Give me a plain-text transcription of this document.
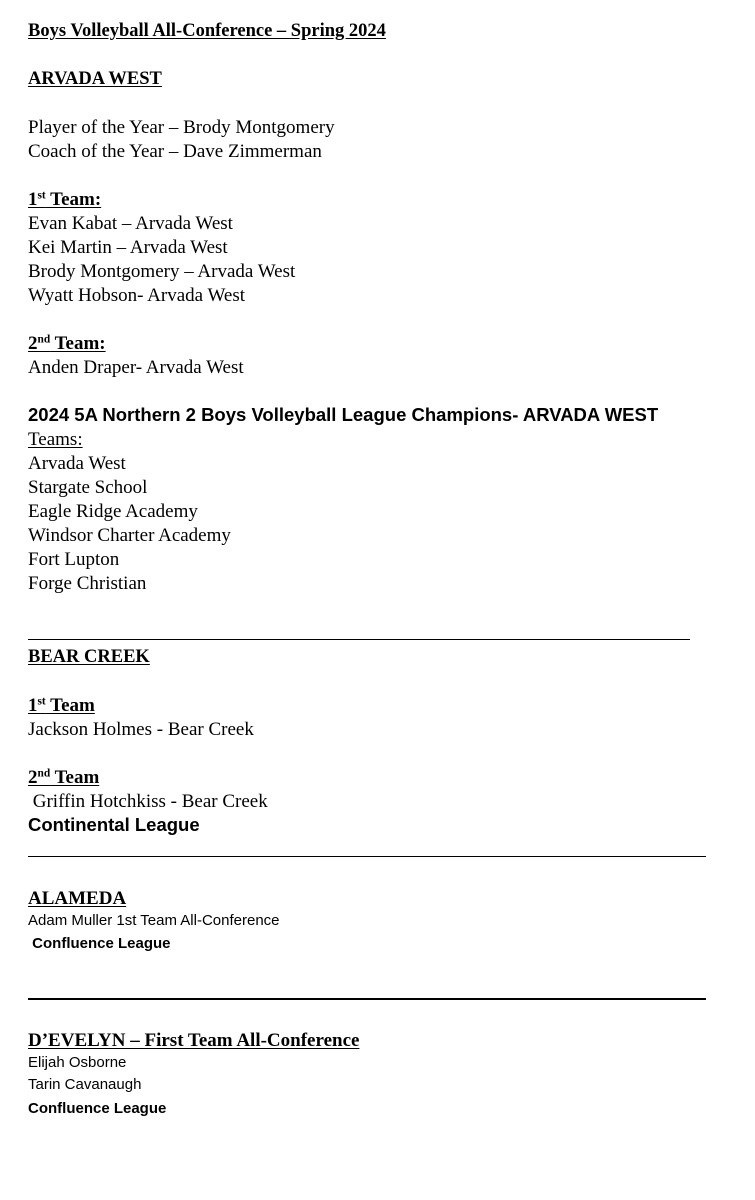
Boys Volleyball All-Conference – Spring 2024
ARVADA WEST
Player of the Year – Brody Montgomery
Coach of the Year – Dave Zimmerman
1st Team:
Evan Kabat – Arvada West
Kei Martin – Arvada West
Brody Montgomery – Arvada West
Wyatt Hobson- Arvada West
2nd Team:
Anden Draper- Arvada West
2024 5A Northern 2 Boys Volleyball League Champions- ARVADA WEST
Teams:
Arvada West
Stargate School
Eagle Ridge Academy
Windsor Charter Academy
Fort Lupton
Forge Christian
BEAR CREEK
1st Team
Jackson Holmes - Bear Creek
2nd Team
Griffin Hotchkiss - Bear Creek
Continental League
ALAMEDA
Adam Muller 1st Team All-Conference
Confluence League
D’EVELYN – First Team All-Conference
Elijah Osborne
Tarin Cavanaugh
Confluence League
